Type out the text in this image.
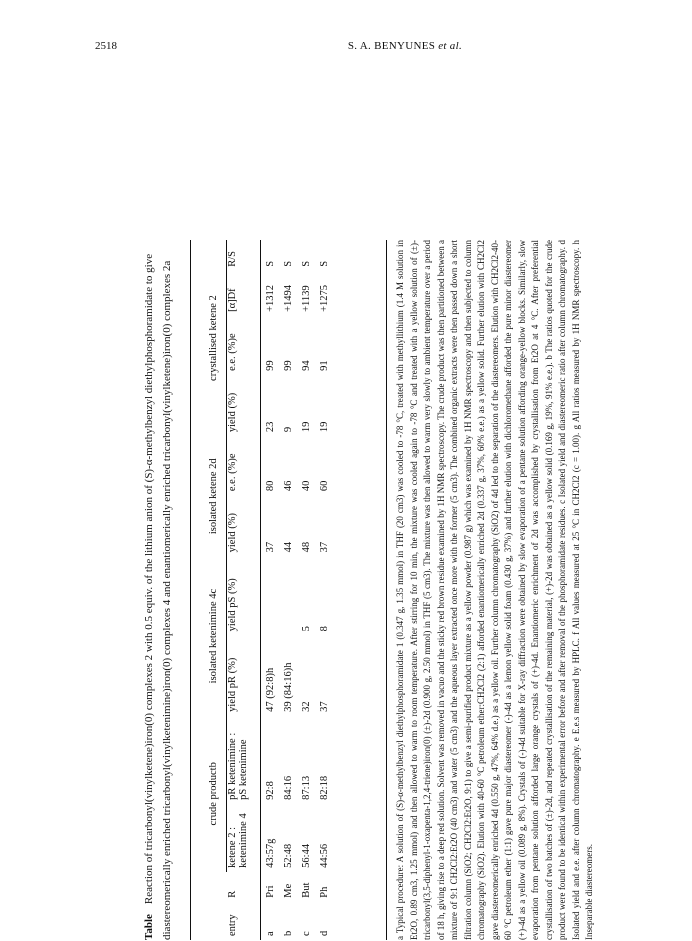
2518	S. A. BENYUNES et al.
TableReaction of tricarbonyl(vinylketene)iron(0) complexes 2 with 0.5 equiv. of the lithium anion of (S)-α-methylbenzyl diethylphosphoramidate to give diastereomerically enriched tricarbonyl(vinylketenimine)iron(0) complexes 4 and enantiomerically enriched tricarbonyl(vinylketene)iron(0) complexes 2a
			crude productb		isolated ketenimine 4c		isolated ketene 2d		crystallised ketene 2			
entry	R	ketene 2 : ketenimine 4	pR ketenimine : pS ketenimine	yield pR (%)	yield pS (%)	yield (%)	e.e. (%)e	yield (%)	e.e. (%)e	[α]Df	R/S

a	Pri	43:57g	92:8	47 (92:8)h		37	80	23	99	+1312	S
b	Me	52:48	84:16	39 (84:16)h		44	46	9	99	+1494	S
c	But	56:44	87:13	32	5	48	40	19	94	+1139	S
d	Ph	44:56	82:18	37	8	37	60	19	91	+1275	S	a Typical procedure: A solution of (S)-α-methylbenzyl diethylphosphoramidate 1 (0.347 g, 1.35 mmol) in THF (20 cm3) was cooled to -78 °C, treated with methyllithium (1.4 M solution in Et2O, 0.89 cm3, 1.25 mmol) and then allowed to warm to room temperature. After stirring for 10 min, the mixture was cooled again to -78 °C and treated with a yellow solution of (±)-tricarbonyl(3,5-diphenyl-1-oxapenta-1,2,4-triene)iron(0) (±)-2d (0.900 g, 2.50 mmol) in THF (5 cm3). The mixture was then allowed to warm very slowly to ambient temperature over a period of 18 h, giving rise to a deep red solution. Solvent was removed in vacuo and the sticky red brown residue examined by 1H NMR spectroscopy. The crude product was then partitioned between a mixture of 9:1 CH2Cl2:Et2O (40 cm3) and water (5 cm3) and the aqueous layer extracted once more with the former (5 cm3). The combined organic extracts were then passed down a short filtration column (SiO2; CH2Cl2:Et2O, 9:1) to give a semi-purified product mixture as a yellow powder (0.987 g) which was examined by 1H NMR spectroscopy and then subjected to column chromatography (SiO2). Elution with 40-60 °C petroleum ether:CH2Cl2 (2:1) afforded enantiomerically enriched 2d (0.337 g, 37%, 60% e.e.) as a yellow solid. Further elution with CH2Cl2 gave diastereomerically enriched 4d (0.550 g, 47%, 64% d.e.) as a yellow oil. Further column chromatography (SiO2) of 4d led to the separation of the diastereomers. Elution with CH2Cl2-40-60 °C petroleum ether (1:1) gave pure major diastereomer (-)-4d as a lemon yellow solid foam (0.430 g, 37%) and further elution with dichloromethane afforded the pure minor diastereomer (+)-4d as a yellow oil (0.089 g, 8%). Crystals of (-)-4d suitable for X-ray diffraction were obtained by slow evaporation of a pentane solution affording orange-yellow blocks. Similarly, slow evaporation from pentane solution afforded large orange crystals of (+)-4d. Enantiomeric enrichment of 2d was accomplished by crystallisation from Et2O at 4 °C. After preferential crystallisation of two batches of (±)-2d, and repeated crystallisation of the remaining material, (+)-2d was obtained as a yellow solid (0.169 g, 19%, 91% e.e.). b The ratios quoted for the crude product were found to be identical within experimental error before and after removal of the phosphoramidate residues. c Isolated yield and diastereomeric ratio after column chromatography. d Isolated yield and e.e. after column chromatography. e E.e.s measured by HPLC. f All values measured at 25 °C in CH2Cl2 (c = 1.00). g All ratios measured by 1H NMR spectroscopy. h Inseparable diastereomers.
